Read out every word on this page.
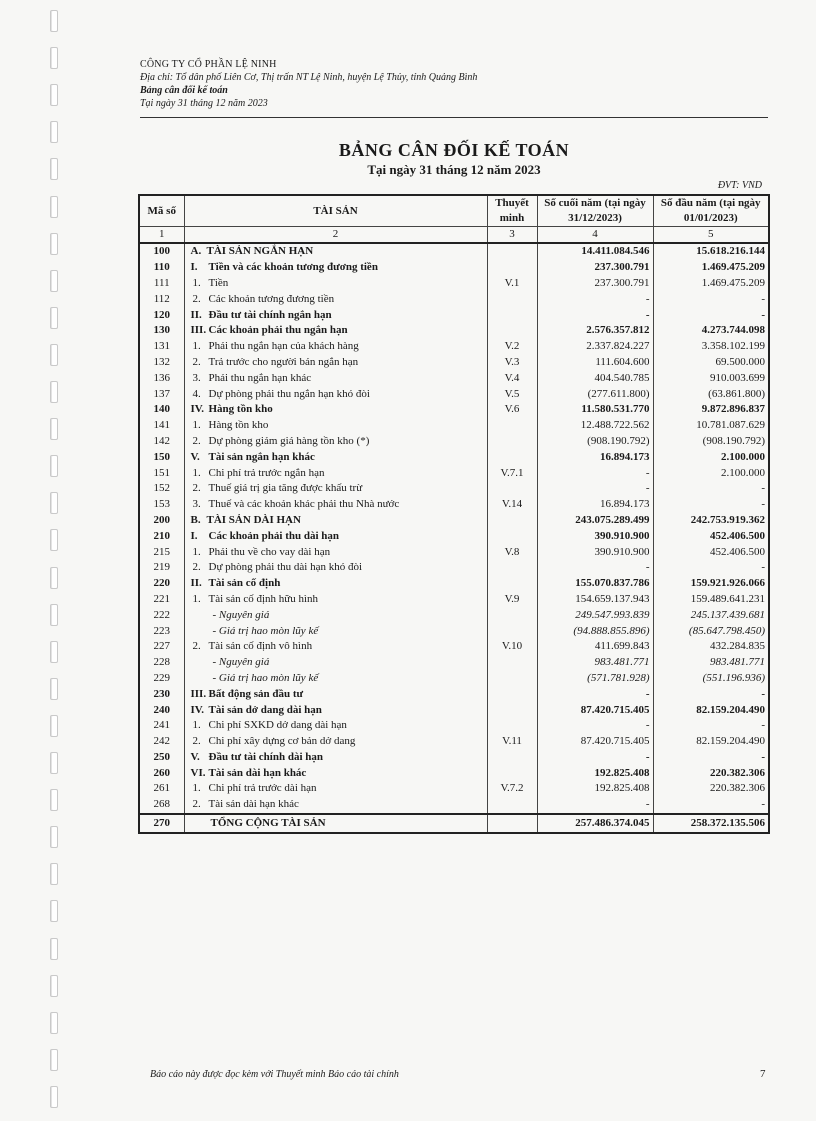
CÔNG TY CỔ PHẦN LỆ NINH
Địa chỉ: Tổ dân phố Liên Cơ, Thị trấn NT Lệ Ninh, huyện Lệ Thủy, tỉnh Quảng Bình
Bảng cân đối kế toán
Tại ngày 31 tháng 12 năm 2023
BẢNG CÂN ĐỐI KẾ TOÁN
Tại ngày 31 tháng 12 năm 2023
ĐVT: VND
Mã số	TÀI SẢN	Thuyết minh	Số cuối năm (tại ngày 31/12/2023)	Số đầu năm (tại ngày 01/01/2023)
1	2	3	4	5
100	A. TÀI SẢN NGẮN HẠN		14.411.084.546	15.618.216.144
110	I. Tiền và các khoản tương đương tiền		237.300.791	1.469.475.209
111	1. Tiền	V.1	237.300.791	1.469.475.209
112	2. Các khoản tương đương tiền		-	-
120	II. Đầu tư tài chính ngắn hạn		-	-
130	III. Các khoản phải thu ngắn hạn		2.576.357.812	4.273.744.098
131	1. Phải thu ngắn hạn của khách hàng	V.2	2.337.824.227	3.358.102.199
132	2. Trả trước cho người bán ngắn hạn	V.3	111.604.600	69.500.000
136	3. Phải thu ngắn hạn khác	V.4	404.540.785	910.003.699
137	4. Dự phòng phải thu ngắn hạn khó đòi	V.5	(277.611.800)	(63.861.800)
140	IV. Hàng tồn kho	V.6	11.580.531.770	9.872.896.837
141	1. Hàng tồn kho		12.488.722.562	10.781.087.629
142	2. Dự phòng giảm giá hàng tồn kho (*)		(908.190.792)	(908.190.792)
150	V. Tài sản ngắn hạn khác		16.894.173	2.100.000
151	1. Chi phí trả trước ngắn hạn	V.7.1	-	2.100.000
152	2. Thuế giá trị gia tăng được khấu trừ		-	-
153	3. Thuế và các khoản khác phải thu Nhà nước	V.14	16.894.173	-
200	B. TÀI SẢN DÀI HẠN		243.075.289.499	242.753.919.362
210	I. Các khoản phải thu dài hạn		390.910.900	452.406.500
215	1. Phải thu về cho vay dài hạn	V.8	390.910.900	452.406.500
219	2. Dự phòng phải thu dài hạn khó đòi		-	-
220	II. Tài sản cố định		155.070.837.786	159.921.926.066
221	1. Tài sản cố định hữu hình	V.9	154.659.137.943	159.489.641.231
222	- Nguyên giá		249.547.993.839	245.137.439.681
223	- Giá trị hao mòn lũy kế		(94.888.855.896)	(85.647.798.450)
227	2. Tài sản cố định vô hình	V.10	411.699.843	432.284.835
228	- Nguyên giá		983.481.771	983.481.771
229	- Giá trị hao mòn lũy kế		(571.781.928)	(551.196.936)
230	III. Bất động sản đầu tư		-	-
240	IV. Tài sản dở dang dài hạn		87.420.715.405	82.159.204.490
241	1. Chi phí SXKD dở dang dài hạn		-	-
242	2. Chi phí xây dựng cơ bản dở dang	V.11	87.420.715.405	82.159.204.490
250	V. Đầu tư tài chính dài hạn		-	-
260	VI. Tài sản dài hạn khác		192.825.408	220.382.306
261	1. Chi phí trả trước dài hạn	V.7.2	192.825.408	220.382.306
268	2. Tài sản dài hạn khác		-	-
270	TỔNG CỘNG TÀI SẢN		257.486.374.045	258.372.135.506
Báo cáo này được đọc kèm với Thuyết minh Báo cáo tài chính	7
